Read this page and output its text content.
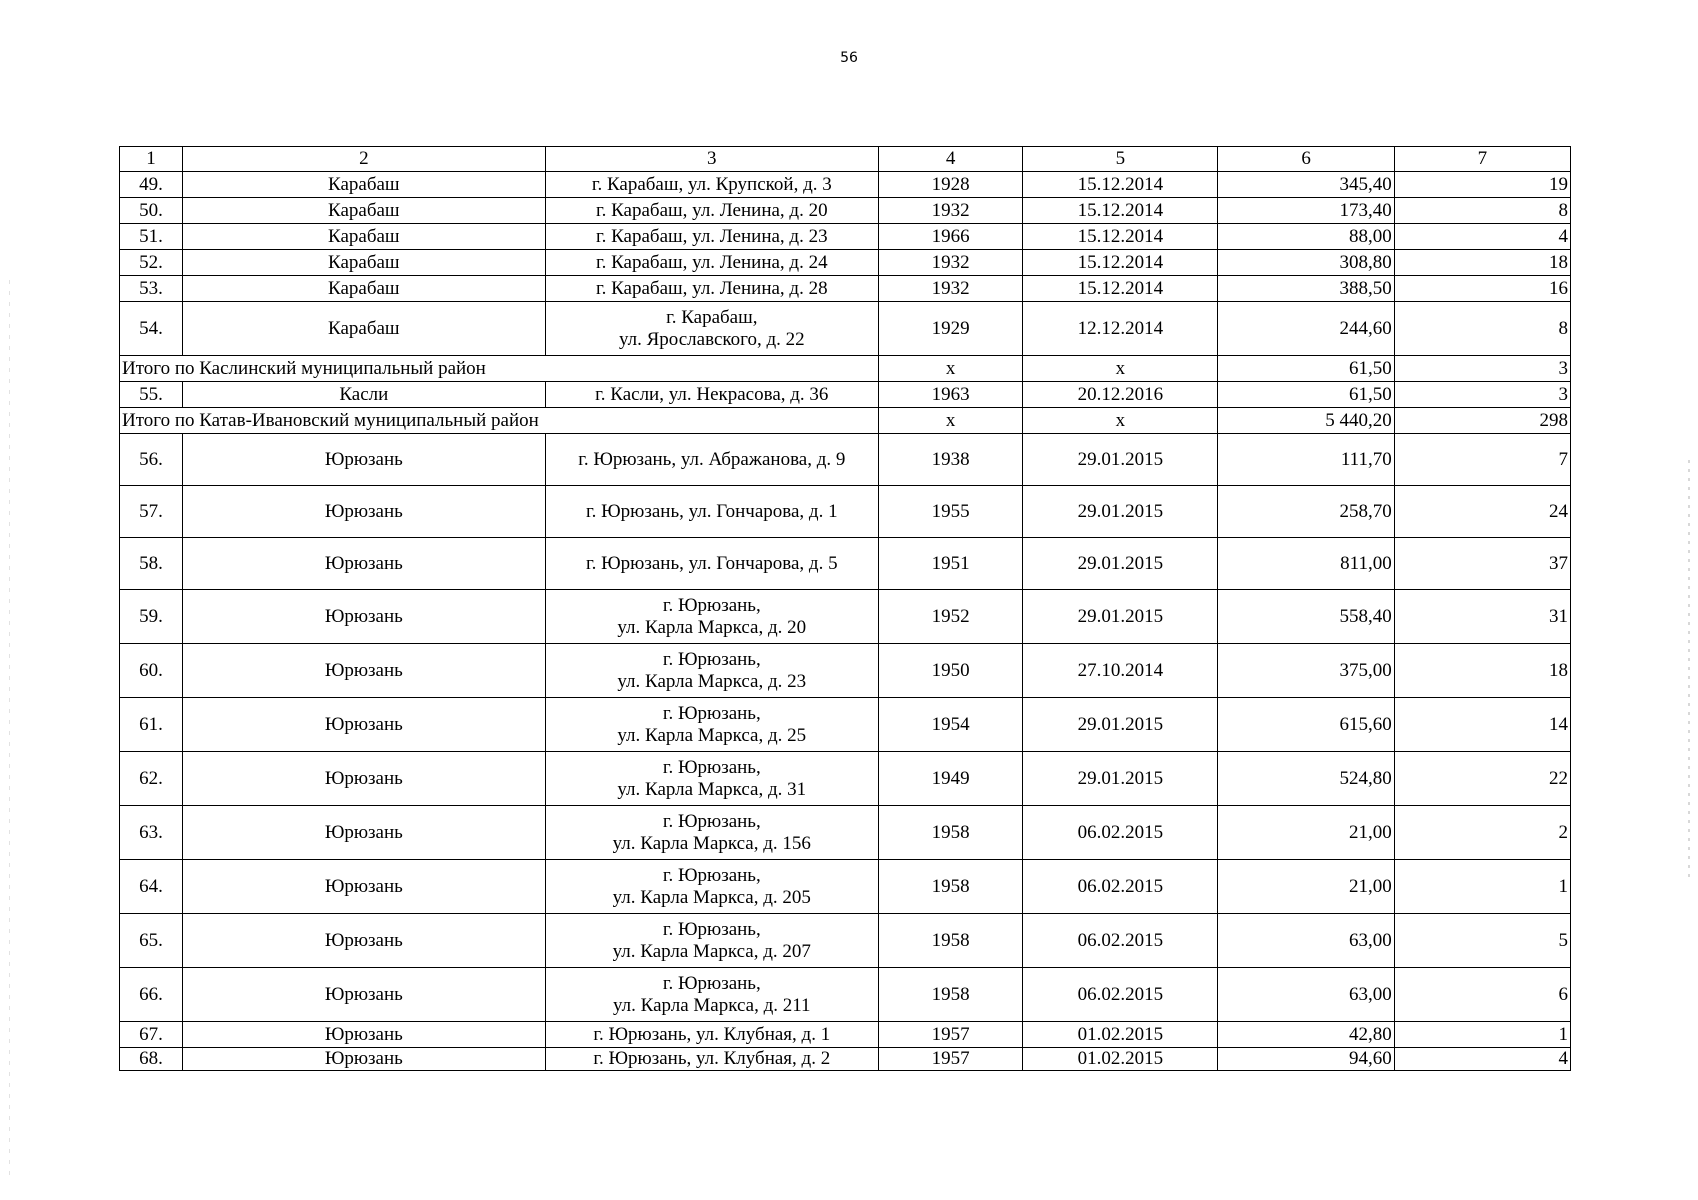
56
1	2	3	4	5	6	7
49.	Карабаш	г. Карабаш, ул. Крупской, д. 3	1928	15.12.2014	345,40	19
50.	Карабаш	г. Карабаш, ул. Ленина, д. 20	1932	15.12.2014	173,40	8
51.	Карабаш	г. Карабаш, ул. Ленина, д. 23	1966	15.12.2014	88,00	4
52.	Карабаш	г. Карабаш, ул. Ленина, д. 24	1932	15.12.2014	308,80	18
53.	Карабаш	г. Карабаш, ул. Ленина, д. 28	1932	15.12.2014	388,50	16
54.	Карабаш	г. Карабаш,
ул. Ярославского, д. 22	1929	12.12.2014	244,60	8
Итого по Каслинский муниципальный район			х	х	61,50	3
55.	Касли	г. Касли, ул. Некрасова, д. 36	1963	20.12.2016	61,50	3
Итого по Катав-Ивановский муниципальный район			х	х	5 440,20	298
56.	Юрюзань	г. Юрюзань, ул. Абражанова, д. 9	1938	29.01.2015	111,70	7
57.	Юрюзань	г. Юрюзань, ул. Гончарова, д. 1	1955	29.01.2015	258,70	24
58.	Юрюзань	г. Юрюзань, ул. Гончарова, д. 5	1951	29.01.2015	811,00	37
59.	Юрюзань	г. Юрюзань,
ул. Карла Маркса, д. 20	1952	29.01.2015	558,40	31
60.	Юрюзань	г. Юрюзань,
ул. Карла Маркса, д. 23	1950	27.10.2014	375,00	18
61.	Юрюзань	г. Юрюзань,
ул. Карла Маркса, д. 25	1954	29.01.2015	615,60	14
62.	Юрюзань	г. Юрюзань,
ул. Карла Маркса, д. 31	1949	29.01.2015	524,80	22
63.	Юрюзань	г. Юрюзань,
ул. Карла Маркса, д. 156	1958	06.02.2015	21,00	2
64.	Юрюзань	г. Юрюзань,
ул. Карла Маркса, д. 205	1958	06.02.2015	21,00	1
65.	Юрюзань	г. Юрюзань,
ул. Карла Маркса, д. 207	1958	06.02.2015	63,00	5
66.	Юрюзань	г. Юрюзань,
ул. Карла Маркса, д. 211	1958	06.02.2015	63,00	6
67.	Юрюзань	г. Юрюзань, ул. Клубная, д. 1	1957	01.02.2015	42,80	1
68.	Юрюзань	г. Юрюзань, ул. Клубная, д. 2	1957	01.02.2015	94,60	4
